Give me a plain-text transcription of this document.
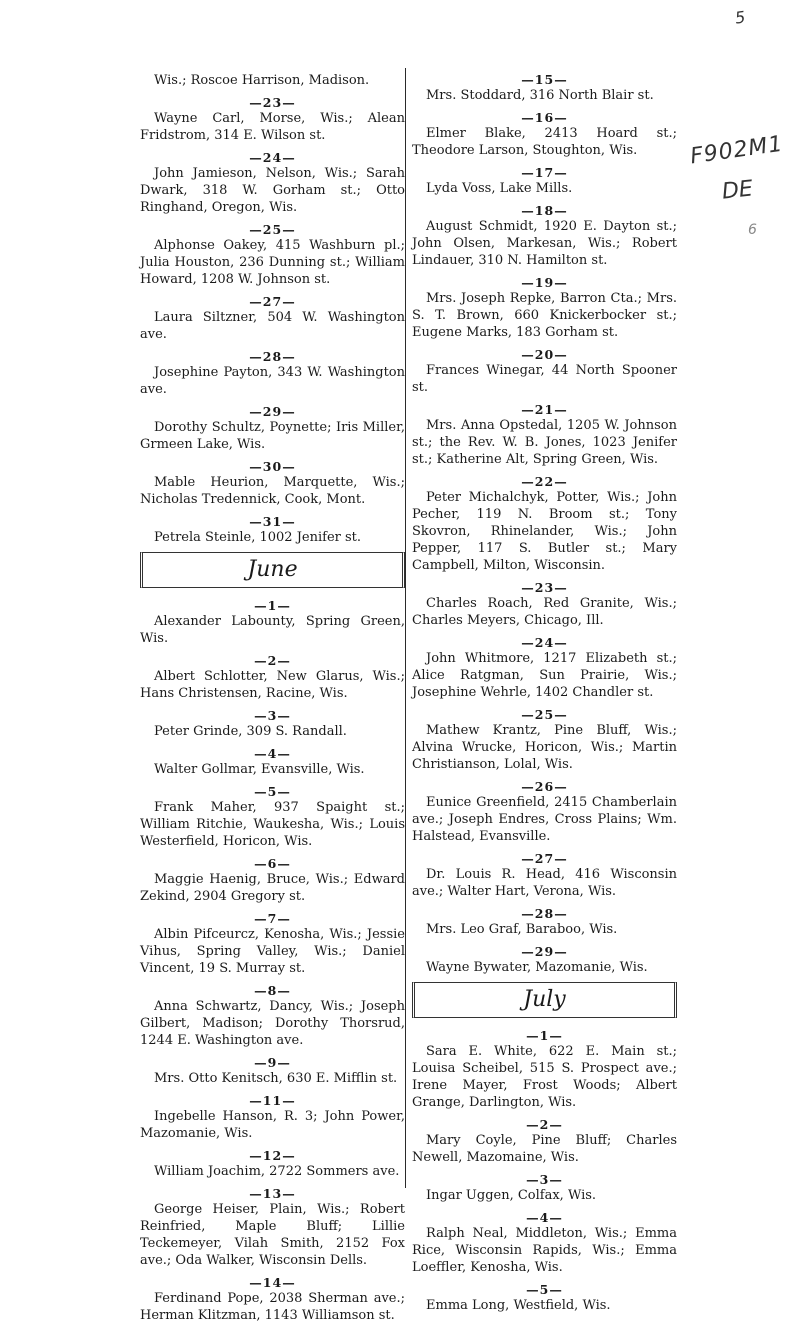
5
F902M1
DE
6

Wis.; Roscoe Harrison, Madison.

—23—

Wayne Carl, Morse, Wis.; Alean Fridstrom, 314 E. Wilson st.

—24—

John Jamieson, Nelson, Wis.; Sarah Dwark, 318 W. Gorham st.; Otto Ringhand, Oregon, Wis.

—25—

Alphonse Oakey, 415 Washburn pl.; Julia Houston, 236 Dunning st.; William Howard, 1208 W. Johnson st.

—27—

Laura Siltzner, 504 W. Washington ave.

—28—

Josephine Payton, 343 W. Washington ave.

—29—

Dorothy Schultz, Poynette; Iris Miller, Grmeen Lake, Wis.

—30—

Mable Heurion, Marquette, Wis.; Nicholas Tredennick, Cook, Mont.

—31—

Petrela Steinle, 1002 Jenifer st.

June
—1—

Alexander Labounty, Spring Green, Wis.

—2—

Albert Schlotter, New Glarus, Wis.; Hans Christensen, Racine, Wis.

—3—

Peter Grinde, 309 S. Randall.

—4—

Walter Gollmar, Evansville, Wis.

—5—

Frank Maher, 937 Spaight st.; William Ritchie, Waukesha, Wis.; Louis Westerfield, Horicon, Wis.

—6—

Maggie Haenig, Bruce, Wis.; Edward Zekind, 2904 Gregory st.

—7—

Albin Pifceurcz, Kenosha, Wis.; Jessie Vihus, Spring Valley, Wis.; Daniel Vincent, 19 S. Murray st.

—8—

Anna Schwartz, Dancy, Wis.; Joseph Gilbert, Madison; Dorothy Thorsrud, 1244 E. Washington ave.

—9—

Mrs. Otto Kenitsch, 630 E. Mifflin st.

—11—

Ingebelle Hanson, R. 3; John Power, Mazomanie, Wis.

—12—

William Joachim, 2722 Sommers ave.

—13—

George Heiser, Plain, Wis.; Robert Reinfried, Maple Bluff; Lillie Teckemeyer, Vilah Smith, 2152 Fox ave.; Oda Walker, Wisconsin Dells.

—14—

Ferdinand Pope, 2038 Sherman ave.; Herman Klitzman, 1143 Williamson st.

—15—

Mrs. Stoddard, 316 North Blair st.

—16—

Elmer Blake, 2413 Hoard st.; Theodore Larson, Stoughton, Wis.

—17—

Lyda Voss, Lake Mills.

—18—

August Schmidt, 1920 E. Dayton st.; John Olsen, Markesan, Wis.; Robert Lindauer, 310 N. Hamilton st.

—19—

Mrs. Joseph Repke, Barron Cta.; Mrs. S. T. Brown, 660 Knickerbocker st.; Eugene Marks, 183 Gorham st.

—20—

Frances Winegar, 44 North Spooner st.

—21—

Mrs. Anna Opstedal, 1205 W. Johnson st.; the Rev. W. B. Jones, 1023 Jenifer st.; Katherine Alt, Spring Green, Wis.

—22—

Peter Michalchyk, Potter, Wis.; John Pecher, 119 N. Broom st.; Tony Skovron, Rhinelander, Wis.; John Pepper, 117 S. Butler st.; Mary Campbell, Milton, Wisconsin.

—23—

Charles Roach, Red Granite, Wis.; Charles Meyers, Chicago, Ill.

—24—

John Whitmore, 1217 Elizabeth st.; Alice Ratgman, Sun Prairie, Wis.; Josephine Wehrle, 1402 Chandler st.

—25—

Mathew Krantz, Pine Bluff, Wis.; Alvina Wrucke, Horicon, Wis.; Martin Christianson, Lolal, Wis.

—26—

Eunice Greenfield, 2415 Chamberlain ave.; Joseph Endres, Cross Plains; Wm. Halstead, Evansville.

—27—

Dr. Louis R. Head, 416 Wisconsin ave.; Walter Hart, Verona, Wis.

—28—

Mrs. Leo Graf, Baraboo, Wis.

—29—

Wayne Bywater, Mazomanie, Wis.

July
—1—

Sara E. White, 622 E. Main st.; Louisa Scheibel, 515 S. Prospect ave.; Irene Mayer, Frost Woods; Albert Grange, Darlington, Wis.

—2—

Mary Coyle, Pine Bluff; Charles Newell, Mazomaine, Wis.

—3—

Ingar Uggen, Colfax, Wis.

—4—

Ralph Neal, Middleton, Wis.; Emma Rice, Wisconsin Rapids, Wis.; Emma Loeffler, Kenosha, Wis.

—5—

Emma Long, Westfield, Wis.
